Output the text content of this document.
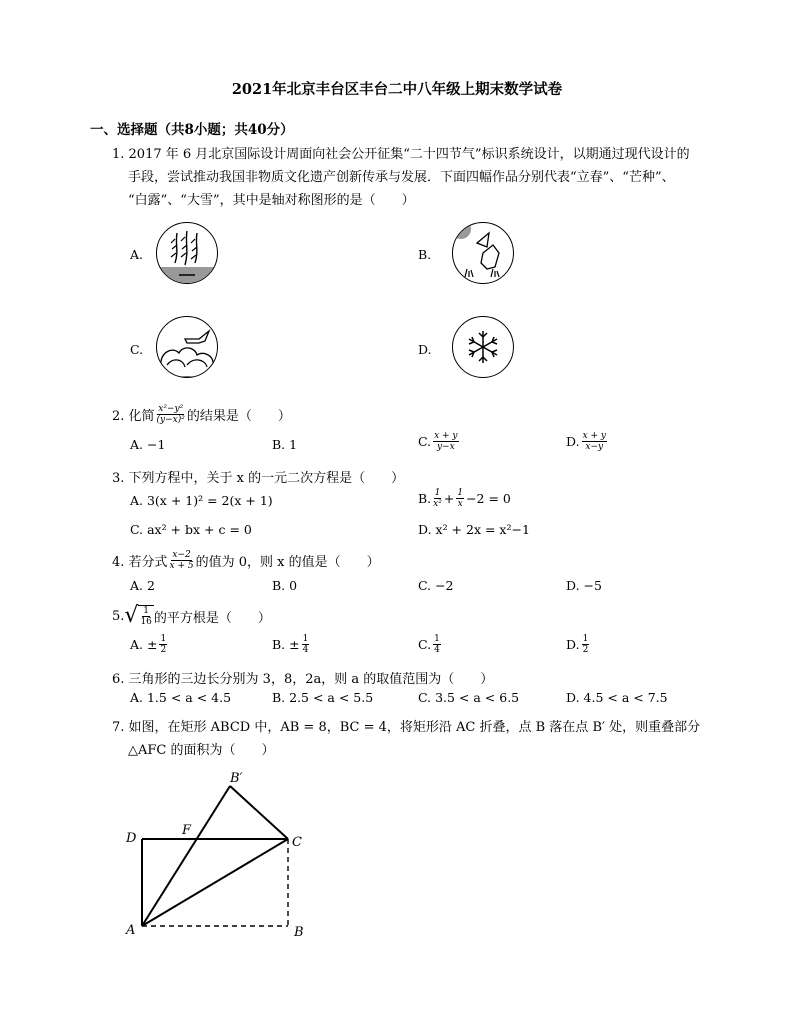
2021年北京丰台区丰台二中八年级上期末数学试卷
一、选择题（共8小题；共40分）
1. 2017 年 6 月北京国际设计周面向社会公开征集“二十四节气”标识系统设计，以期通过现代设计的
手段，尝试推动我国非物质文化遗产创新传承与发展．下面四幅作品分别代表“立春”、“芒种”、
“白露”、“大雪”，其中是轴对称图形的是（　　）
A.	B.
C.	D.
2. 化简 $\frac{\text{x²−y²}}{\text{(y−x)²}}$ 的结果是（　　）
A. −1	B. 1	C. $\frac{x + y}{y-x}$	D. $\frac{x + y}{x-y}$
3. 下列方程中，关于 x 的一元二次方程是（　　）
A. 3(x + 1)² = 2(x + 1)	B. $\frac{1}{\text{x²}} + \frac{1}{x} -2 = 0$
C. ax² + bx + c = 0	D. x² + 2x = x²−1
4. 若分式 $\frac{x-2}{x + 5}$ 的值为 0，则 x 的值是（　　）
A. 2	B. 0	C. −2	D. −5
5. √ $\frac{1}{16}$ 的平方根是（　　）
A. ± $\frac{1}{2}$	B. ± $\frac{1}{4}$	C. $\frac{1}{4}$	D. $\frac{1}{2}$
6. 三角形的三边长分别为 3，8，2a，则 a 的取值范围为（　　）
A. 1.5 < a < 4.5	B. 2.5 < a < 5.5	C. 3.5 < a < 6.5	D. 4.5 < a < 7.5
7. 如图，在矩形 ABCD 中，AB = 8，BC = 4，将矩形沿 AC 折叠，点 B 落在点 B′ 处，则重叠部分
△AFC 的面积为（　　）
B′
F
D	C
A	B
